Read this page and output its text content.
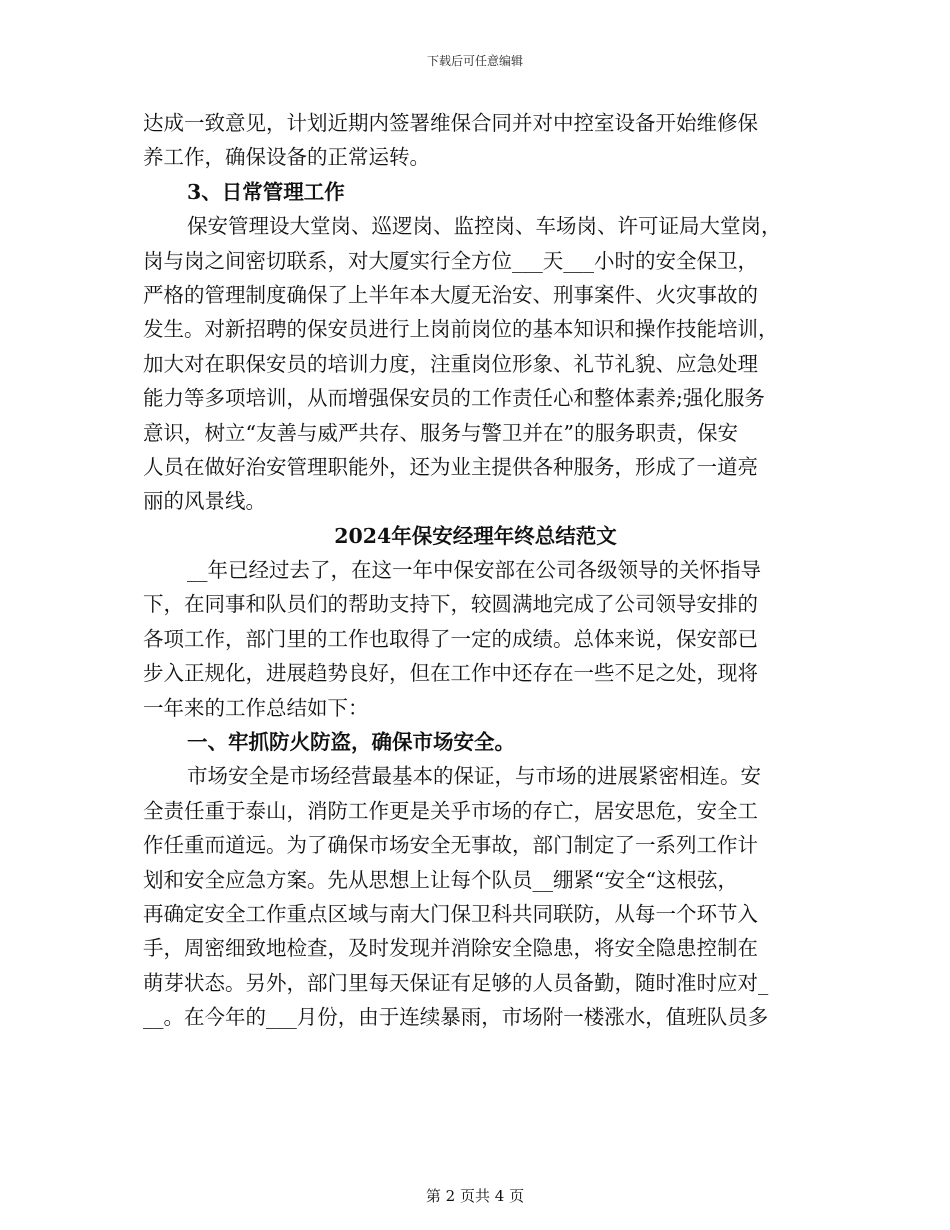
下载后可任意编辑
达成一致意见，计划近期内签署维保合同并对中控室设备开始维修保
养工作，确保设备的正常运转。
3、日常管理工作
保安管理设大堂岗、巡逻岗、监控岗、车场岗、许可证局大堂岗，
岗与岗之间密切联系，对大厦实行全方位___天___小时的安全保卫，
严格的管理制度确保了上半年本大厦无治安、刑事案件、火灾事故的
发生。对新招聘的保安员进行上岗前岗位的基本知识和操作技能培训，
加大对在职保安员的培训力度，注重岗位形象、礼节礼貌、应急处理
能力等多项培训，从而增强保安员的工作责任心和整体素养;强化服务
意识，树立“友善与威严共存、服务与警卫并在”的服务职责，保安
人员在做好治安管理职能外，还为业主提供各种服务，形成了一道亮
丽的风景线。
2024年保安经理年终总结范文
__年已经过去了，在这一年中保安部在公司各级领导的关怀指导
下，在同事和队员们的帮助支持下，较圆满地完成了公司领导安排的
各项工作，部门里的工作也取得了一定的成绩。总体来说，保安部已
步入正规化，进展趋势良好，但在工作中还存在一些不足之处，现将
一年来的工作总结如下：
一、牢抓防火防盗，确保市场安全。
市场安全是市场经营最基本的保证，与市场的进展紧密相连。安
全责任重于泰山，消防工作更是关乎市场的存亡，居安思危，安全工
作任重而道远。为了确保市场安全无事故，部门制定了一系列工作计
划和安全应急方案。先从思想上让每个队员__绷紧“安全“这根弦，
再确定安全工作重点区域与南大门保卫科共同联防，从每一个环节入
手，周密细致地检查，及时发现并消除安全隐患，将安全隐患控制在
萌芽状态。另外，部门里每天保证有足够的人员备勤，随时准时应对_
__。在今年的___月份，由于连续暴雨，市场附一楼涨水，值班队员多
第 2 页共 4 页
